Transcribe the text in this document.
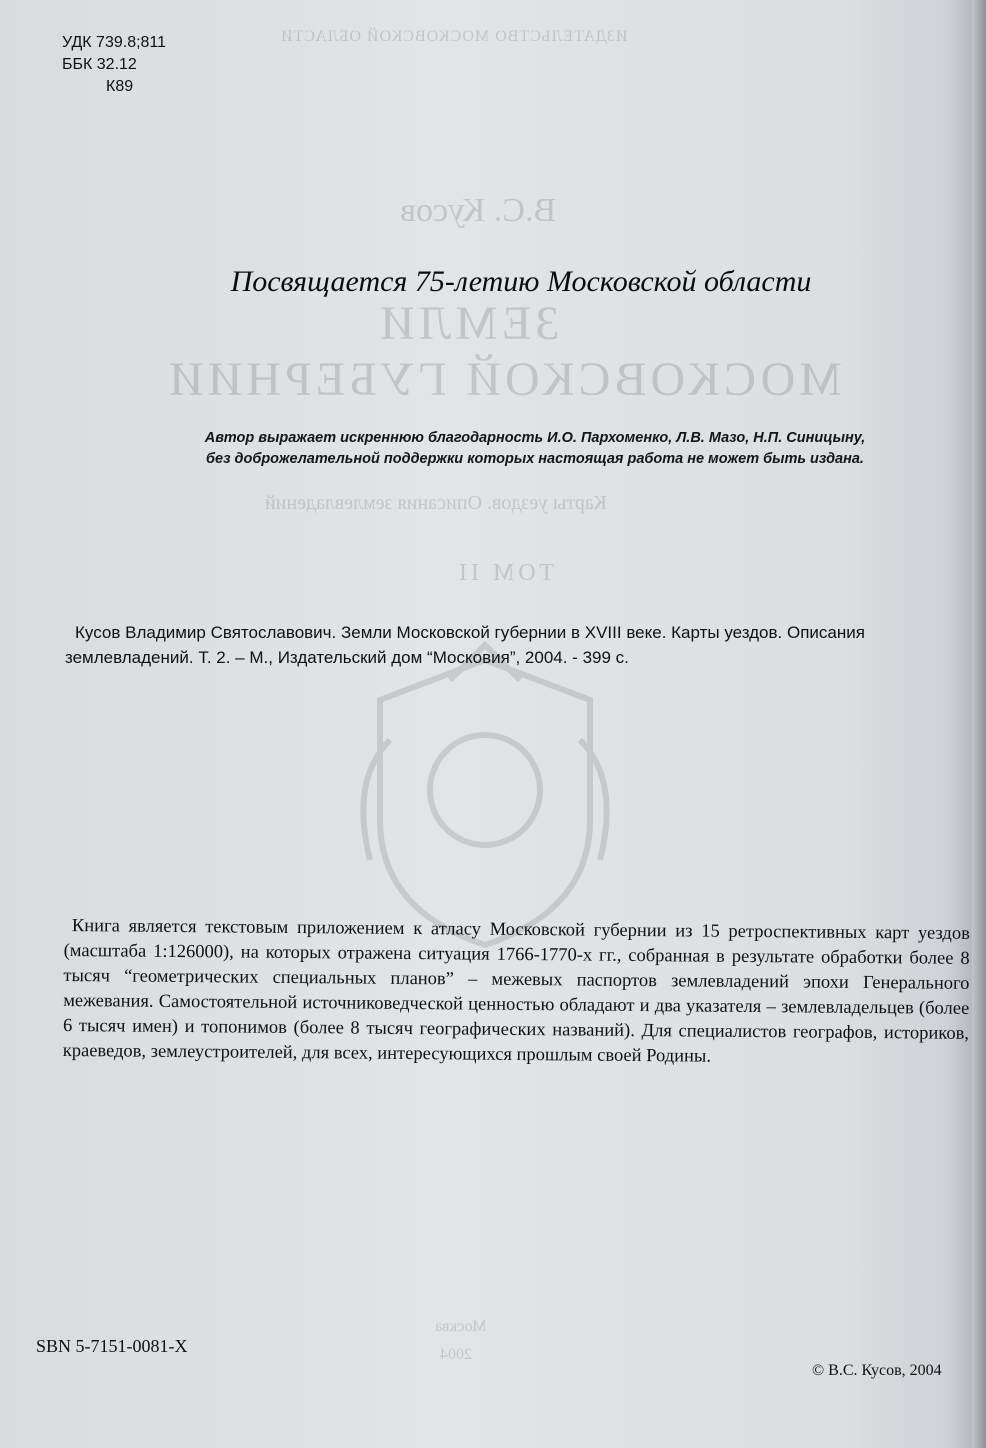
ИЗДАТЕЛЬСТВО МОСКОВСКОЙ ОБЛАСТИ
В.С. Кусов
ЗЕМЛИ
МОСКОВСКОЙ ГУБЕРНИИ
Карты уездов. Описания землевладений
ТОМ II
Москва
2004
УДК 739.8;811
ББК 32.12
К89
Посвящается 75-летию Московской области
Автор выражает искреннюю благодарность И.О. Пархоменко, Л.В. Мазо, Н.П. Синицыну,
без доброжелательной поддержки которых настоящая работа не может быть издана.
Кусов Владимир Святославович. Земли Московской губернии в XVIII веке. Карты уездов. Описания землевладений. Т. 2. – М., Издательский дом “Московия”, 2004. - 399 с.
Книга является текстовым приложением к атласу Московской губернии из 15 ретроспективных карт уездов (масштаба 1:126000), на которых отражена ситуация 1766-1770-х гг., собранная в результате обработки более 8 тысяч “геометрических специальных планов” – межевых паспортов землевладений эпохи Генерального межевания. Самостоятельной источниковедческой ценностью обладают и два указателя – землевладельцев (более 6 тысяч имен) и топонимов (более 8 тысяч географических названий). Для специалистов географов, историков, краеведов, землеустроителей, для всех, интересующихся прошлым своей Родины.
SBN 5-7151-0081-X
© В.С. Кусов, 2004
